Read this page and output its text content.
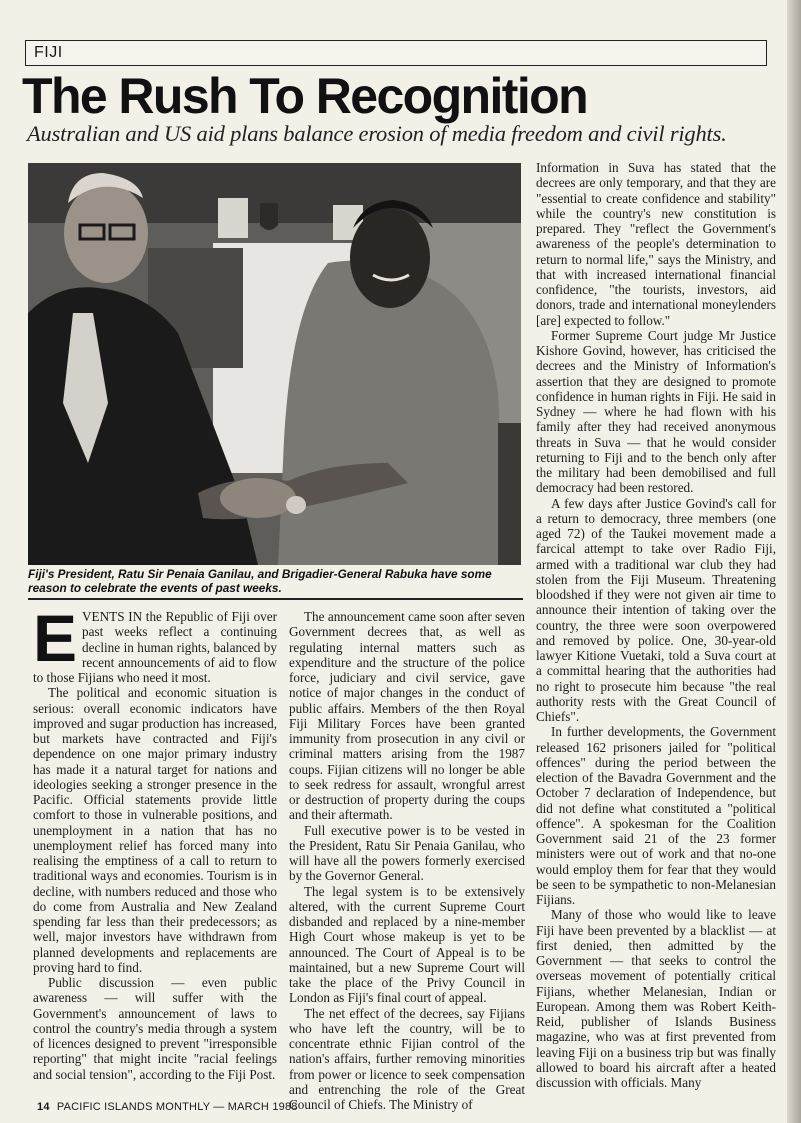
FIJI
The Rush To Recognition

Australian and US aid plans balance erosion of media freedom and civil rights.

Fiji's President, Ratu Sir Penaia Ganilau, and Brigadier-General Rabuka have some reason to celebrate the events of past weeks.

E VENTS IN the Republic of Fiji over past weeks reflect a continuing decline in human rights, balanced by recent announcements of aid to flow to those Fijians who need it most.

The political and economic situation is serious: overall economic indicators have improved and sugar production has increased, but markets have contracted and Fiji's dependence on one major primary industry has made it a natural target for nations and ideologies seeking a stronger presence in the Pacific. Official statements provide little comfort to those in vulnerable positions, and unemployment in a nation that has no unemployment relief has forced many into realising the emptiness of a call to return to traditional ways and economies. Tourism is in decline, with numbers reduced and those who do come from Australia and New Zealand spending far less than their predecessors; as well, major investors have withdrawn from planned developments and replacements are proving hard to find.

Public discussion — even public awareness — will suffer with the Government's announcement of laws to control the country's media through a system of licences designed to prevent "irresponsible reporting" that might incite "racial feelings and social tension", according to the Fiji Post.

The announcement came soon after seven Government decrees that, as well as regulating internal matters such as expenditure and the structure of the police force, judiciary and civil service, gave notice of major changes in the conduct of public affairs. Members of the then Royal Fiji Military Forces have been granted immunity from prosecution in any civil or criminal matters arising from the 1987 coups. Fijian citizens will no longer be able to seek redress for assault, wrongful arrest or destruction of property during the coups and their aftermath.

Full executive power is to be vested in the President, Ratu Sir Penaia Ganilau, who will have all the powers formerly exercised by the Governor General.

The legal system is to be extensively altered, with the current Supreme Court disbanded and replaced by a nine-member High Court whose makeup is yet to be announced. The Court of Appeal is to be maintained, but a new Supreme Court will take the place of the Privy Council in London as Fiji's final court of appeal.

The net effect of the decrees, say Fijians who have left the country, will be to concentrate ethnic Fijian control of the nation's affairs, further removing minorities from power or licence to seek compensation and entrenching the role of the Great Council of Chiefs. The Ministry of

Information in Suva has stated that the decrees are only temporary, and that they are "essential to create confidence and stability" while the country's new constitution is prepared. They "reflect the Government's awareness of the people's determination to return to normal life," says the Ministry, and that with increased international financial confidence, "the tourists, investors, aid donors, trade and international moneylenders [are] expected to follow."

Former Supreme Court judge Mr Justice Kishore Govind, however, has criticised the decrees and the Ministry of Information's assertion that they are designed to promote confidence in human rights in Fiji. He said in Sydney — where he had flown with his family after they had received anonymous threats in Suva — that he would consider returning to Fiji and to the bench only after the military had been demobilised and full democracy had been restored.

A few days after Justice Govind's call for a return to democracy, three members (one aged 72) of the Taukei movement made a farcical attempt to take over Radio Fiji, armed with a traditional war club they had stolen from the Fiji Museum. Threatening bloodshed if they were not given air time to announce their intention of taking over the country, the three were soon overpowered and removed by police. One, 30-year-old lawyer Kitione Vuetaki, told a Suva court at a committal hearing that the authorities had no right to prosecute him because "the real authority rests with the Great Council of Chiefs".

In further developments, the Government released 162 prisoners jailed for "political offences" during the period between the election of the Bavadra Government and the October 7 declaration of Independence, but did not define what constituted a "political offence". A spokesman for the Coalition Government said 21 of the 23 former ministers were out of work and that no-one would employ them for fear that they would be seen to be sympathetic to non-Melanesian Fijians.

Many of those who would like to leave Fiji have been prevented by a blacklist — at first denied, then admitted by the Government — that seeks to control the overseas movement of potentially critical Fijians, whether Melanesian, Indian or European. Among them was Robert Keith-Reid, publisher of Islands Business magazine, who was at first prevented from leaving Fiji on a business trip but was finally allowed to board his aircraft after a heated discussion with officials. Many

14 PACIFIC ISLANDS MONTHLY — MARCH 1988
